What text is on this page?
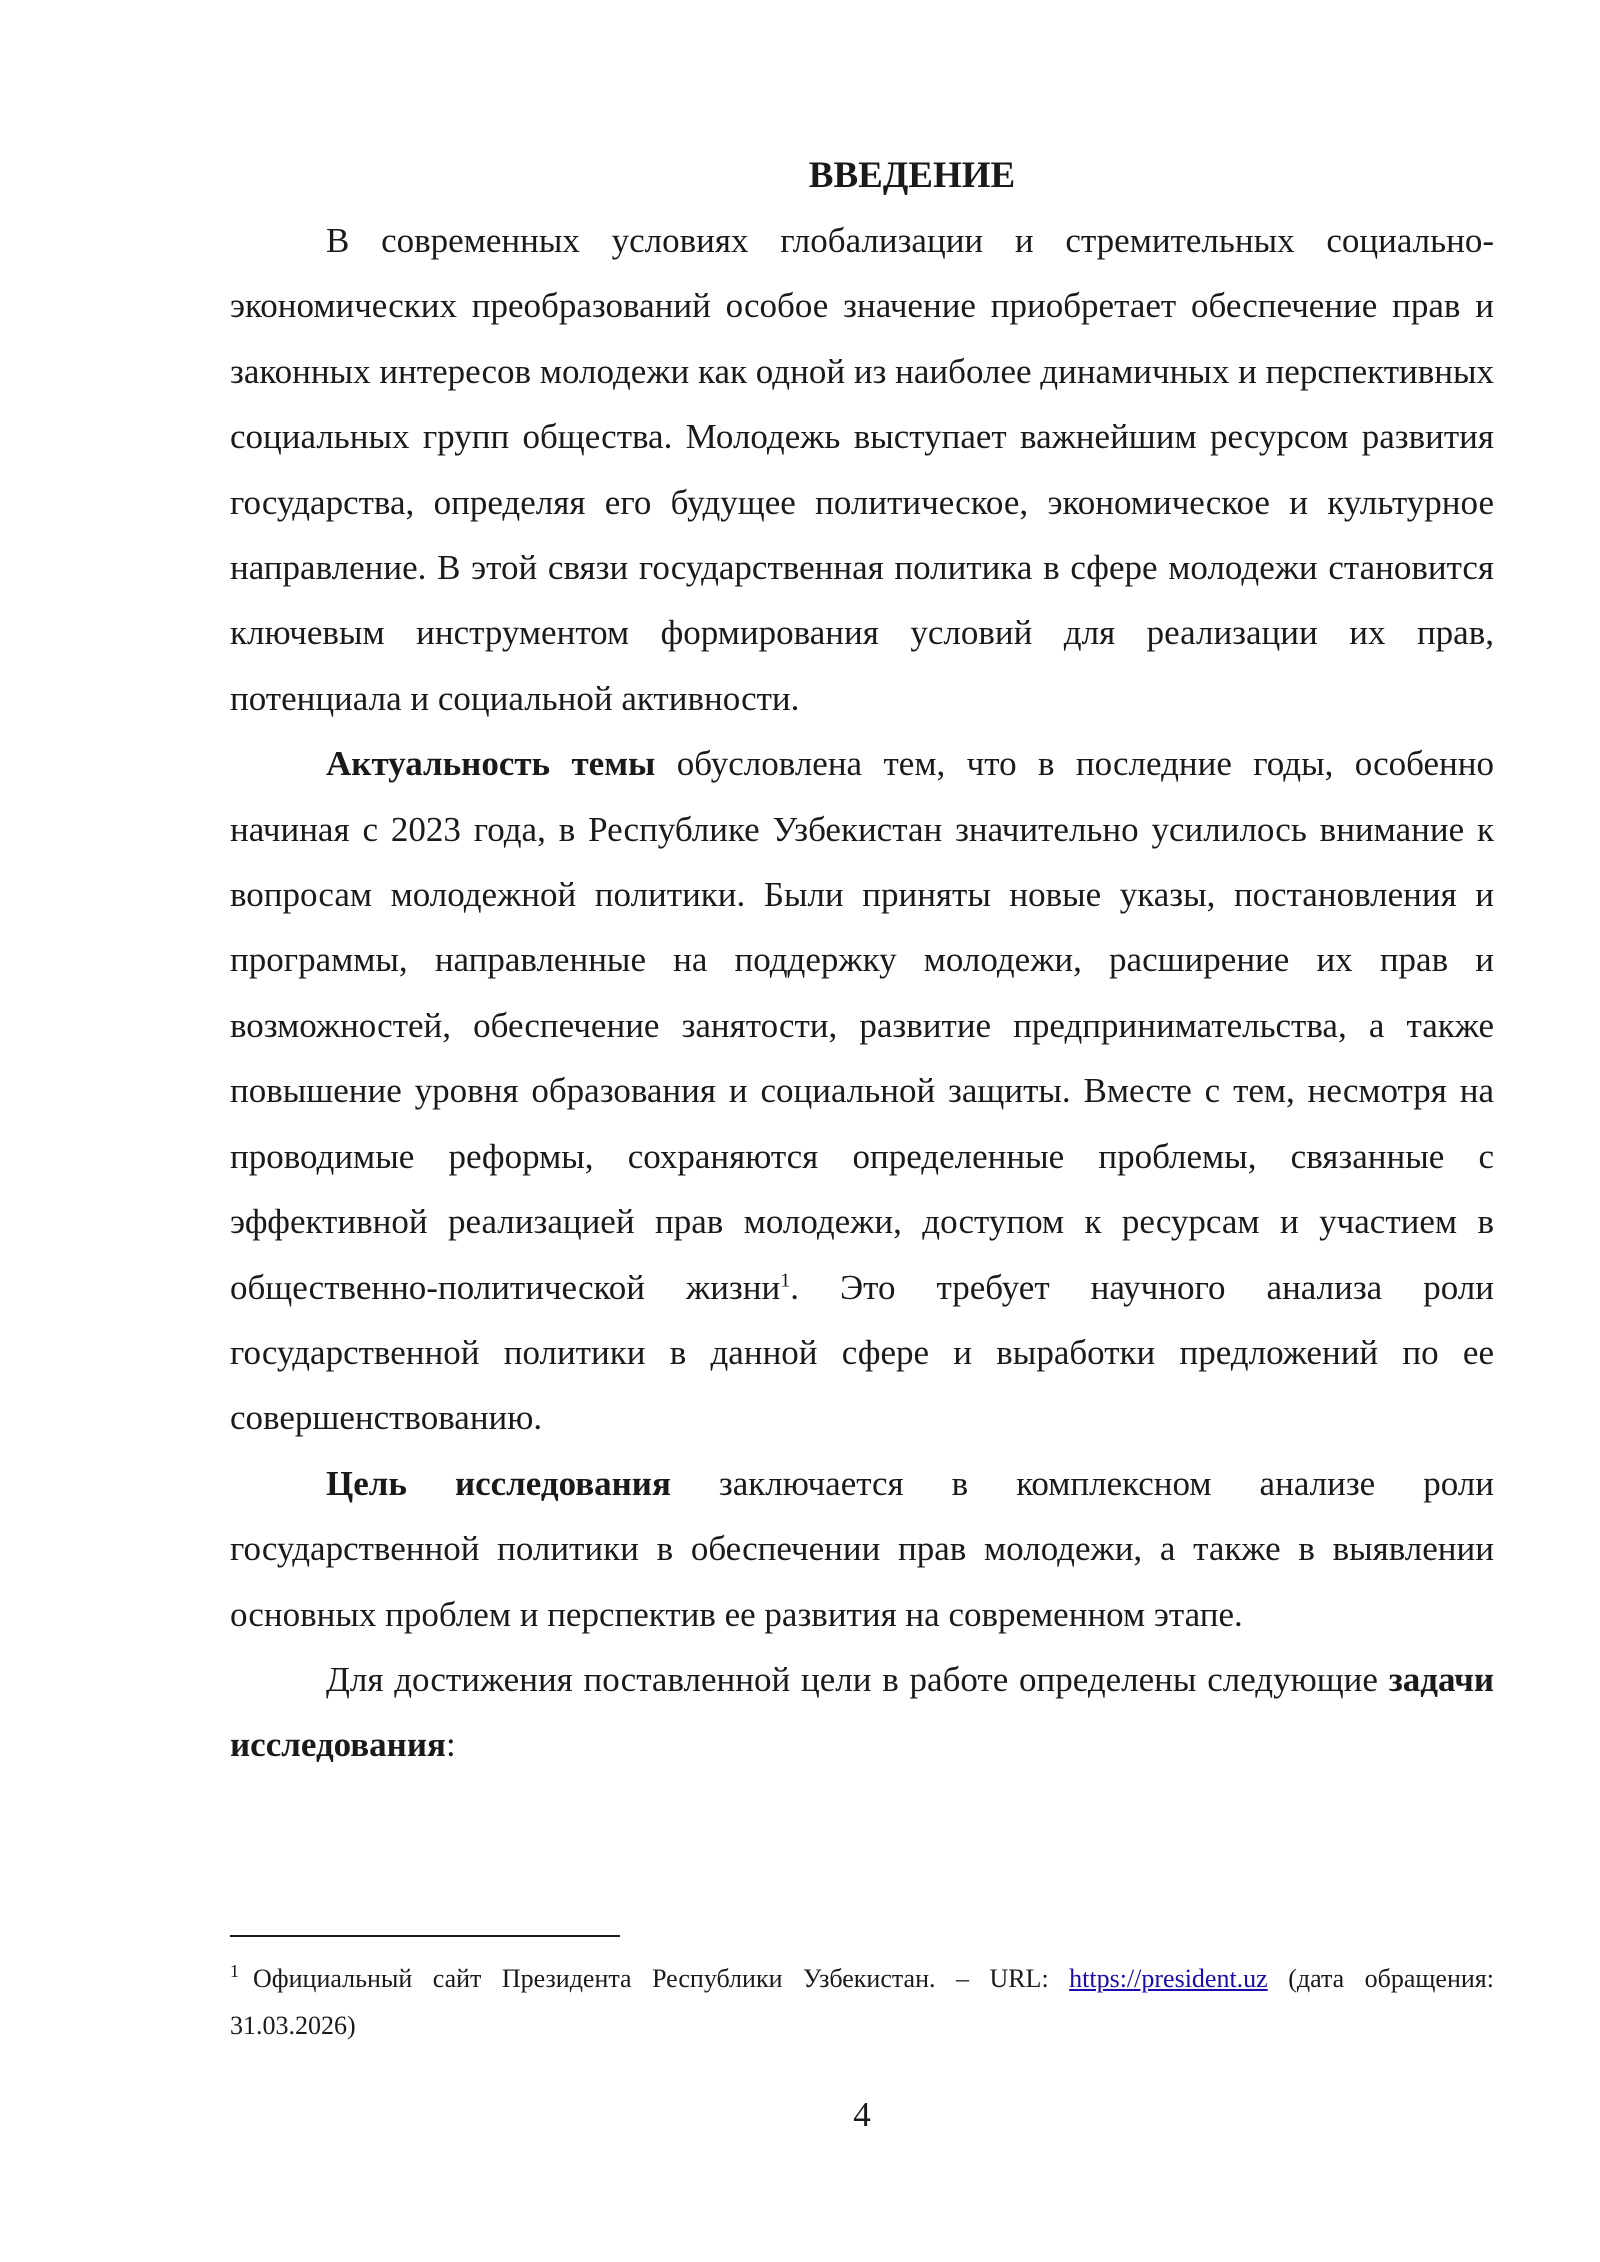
ВВЕДЕНИЕ

В современных условиях глобализации и стремительных социально-экономических преобразований особое значение приобретает обеспечение прав и законных интересов молодежи как одной из наиболее динамичных и перспективных социальных групп общества. Молодежь выступает важнейшим ресурсом развития государства, определяя его будущее политическое, экономическое и культурное направление. В этой связи государственная политика в сфере молодежи становится ключевым инструментом формирования условий для реализации их прав, потенциала и социальной активности.

Актуальность темы обусловлена тем, что в последние годы, особенно начиная с 2023 года, в Республике Узбекистан значительно усилилось внимание к вопросам молодежной политики. Были приняты новые указы, постановления и программы, направленные на поддержку молодежи, расширение их прав и возможностей, обеспечение занятости, развитие предпринимательства, а также повышение уровня образования и социальной защиты. Вместе с тем, несмотря на проводимые реформы, сохраняются определенные проблемы, связанные с эффективной реализацией прав молодежи, доступом к ресурсам и участием в общественно-политической жизни$^1$. Это требует научного анализа роли государственной политики в данной сфере и выработки предложений по ее совершенствованию.

Цель исследования заключается в комплексном анализе роли государственной политики в обеспечении прав молодежи, а также в выявлении основных проблем и перспектив ее развития на современном этапе.

Для достижения поставленной цели в работе определены следующие задачи исследования:

$^1$ Официальный сайт Президента Республики Узбекистан. – URL: https://president.uz (дата обращения: 31.03.2026)
4
